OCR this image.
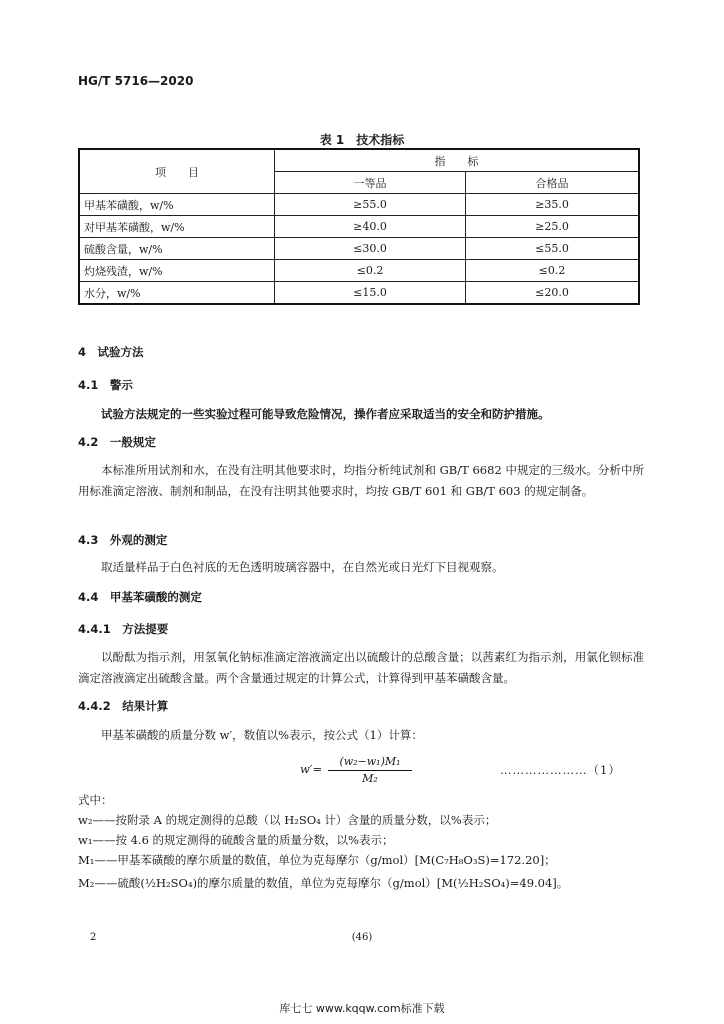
HG/T 5716—2020
表 1　技术指标
项　　目	指　　标	
	一等品	合格品
甲基苯磺酸，w/%	≥55.0	≥35.0
对甲基苯磺酸，w/%	≥40.0	≥25.0
硫酸含量，w/%	≤30.0	≤55.0
灼烧残渣，w/%	≤0.2	≤0.2
水分，w/%	≤15.0	≤20.0
4　试验方法
4.1　警示
试验方法规定的一些实验过程可能导致危险情况，操作者应采取适当的安全和防护措施。
4.2　一般规定
本标准所用试剂和水，在没有注明其他要求时，均指分析纯试剂和 GB/T 6682 中规定的三级水。分析中所用标准滴定溶液、制剂和制品，在没有注明其他要求时，均按 GB/T 601 和 GB/T 603 的规定制备。
4.3　外观的测定
取适量样品于白色衬底的无色透明玻璃容器中，在自然光或日光灯下目视观察。
4.4　甲基苯磺酸的测定
4.4.1　方法提要
以酚酞为指示剂，用氢氧化钠标准滴定溶液滴定出以硫酸计的总酸含量；以茜素红为指示剂，用氯化钡标准滴定溶液滴定出硫酸含量。两个含量通过规定的计算公式，计算得到甲基苯磺酸含量。
4.4.2　结果计算
甲基苯磺酸的质量分数 w′，数值以%表示，按公式（1）计算：
$w'= \frac{\text{(w₂−w₁)M₁}}{\text{M₂}}$	…………………（1）
式中：
w₂——按附录 A 的规定测得的总酸（以 H₂SO₄ 计）含量的质量分数，以%表示；
w₁——按 4.6 的规定测得的硫酸含量的质量分数，以%表示；
M₁——甲基苯磺酸的摩尔质量的数值，单位为克每摩尔（g/mol）[M(C₇H₈O₃S)=172.20]；
M₂——硫酸(½H₂SO₄)的摩尔质量的数值，单位为克每摩尔（g/mol）[M(½H₂SO₄)=49.04]。
2	(46)
库七七 www.kqqw.com标准下载
